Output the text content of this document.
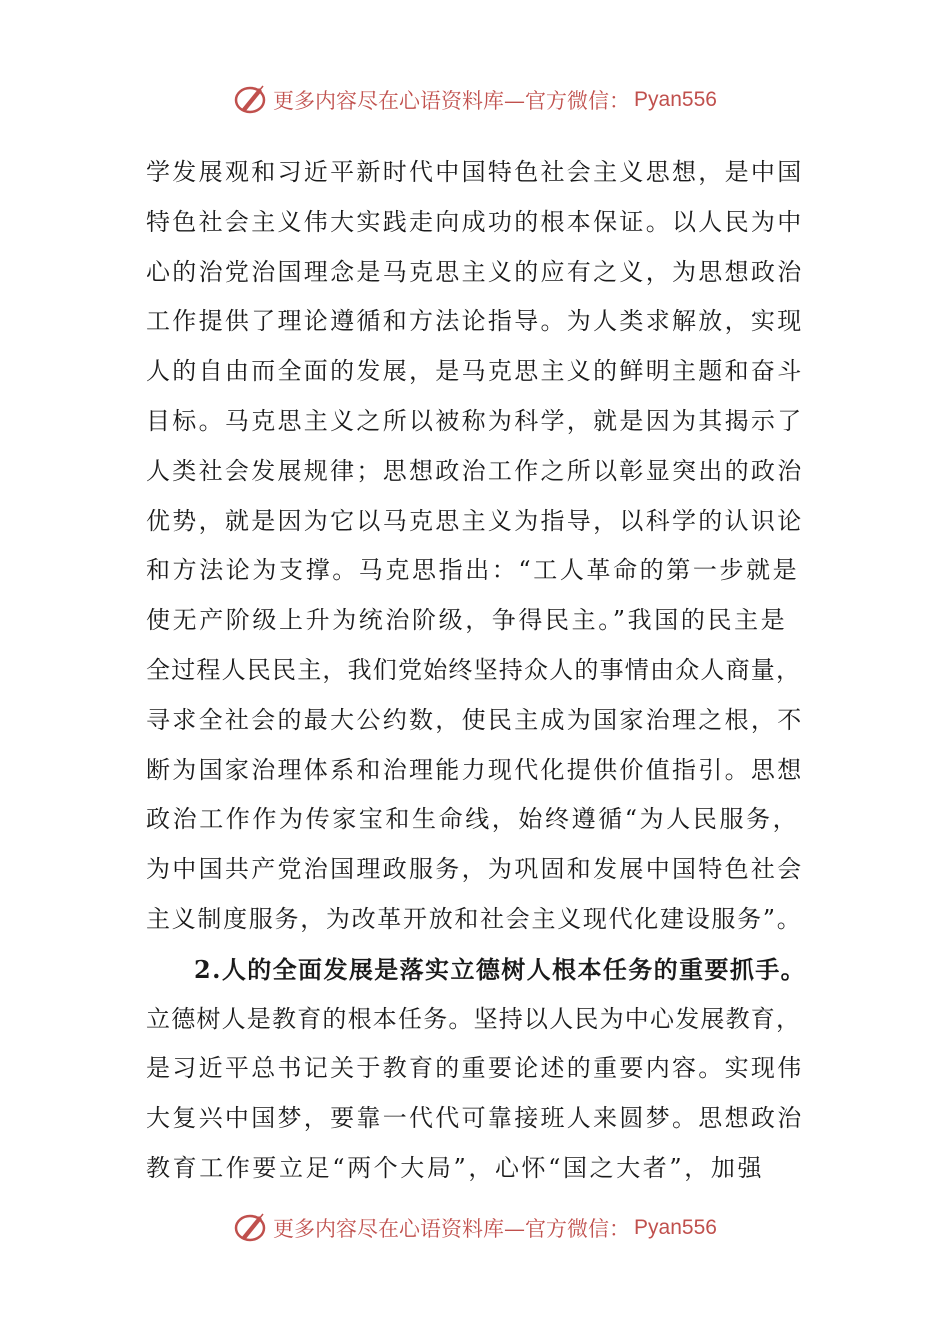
更多内容尽在心语资料库—官方微信： Pyan556
学发展观和习近平新时代中国特色社会主义思想，是中国
特色社会主义伟大实践走向成功的根本保证。以人民为中
心的治党治国理念是马克思主义的应有之义，为思想政治
工作提供了理论遵循和方法论指导。为人类求解放，实现
人的自由而全面的发展，是马克思主义的鲜明主题和奋斗
目标。马克思主义之所以被称为科学，就是因为其揭示了
人类社会发展规律；思想政治工作之所以彰显突出的政治
优势，就是因为它以马克思主义为指导，以科学的认识论
和方法论为支撑。马克思指出：“工人革命的第一步就是
使无产阶级上升为统治阶级，争得民主。”我国的民主是
全过程人民民主，我们党始终坚持众人的事情由众人商量，
寻求全社会的最大公约数，使民主成为国家治理之根，不
断为国家治理体系和治理能力现代化提供价值指引。思想
政治工作作为传家宝和生命线，始终遵循“为人民服务，
为中国共产党治国理政服务，为巩固和发展中国特色社会
主义制度服务，为改革开放和社会主义现代化建设服务”。
2.人的全面发展是落实立德树人根本任务的重要抓手。
立德树人是教育的根本任务。坚持以人民为中心发展教育，
是习近平总书记关于教育的重要论述的重要内容。实现伟
大复兴中国梦，要靠一代代可靠接班人来圆梦。思想政治
教育工作要立足“两个大局”，心怀“国之大者”，加强
更多内容尽在心语资料库—官方微信： Pyan556
